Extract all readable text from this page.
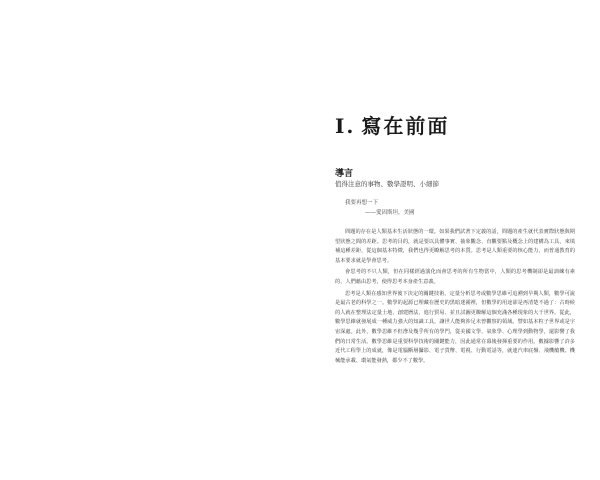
I. 寫在前面
導言
值得注意的事物、數學證明、小細節
我要再想一下
——愛因斯坦，美國

問題的存在是人類基本生活狀態的一環。如果我們試著下定義的話，問題的產生就代表實際狀態與期望狀態之間的差距。思考的目的，就是要以具體事實、抽象觀念、直觀要點及概念上的建構為工具，來填補這種差距，從這個基本特徵，我們也得更瞭解思考的本質。思考是人類重要的核心能力，而普通教育的基本要求就是學會思考。

會思考的不只人類，但在同樣經過演化而會思考的所有生物當中，人類的思考機制卻是最訓練有素的，人們藉由思考，使得思考本身產生意義。

思考是人類在感知世界後下決定的關鍵技術。定量分析思考或數學思維可追溯到早期人類，數學可說是最古老的科學之一。數學的起源已埋藏在歷史的黑暗迷霧裡，但數學的用途卻是再清楚不過了：古時候的人就在整理法定量土地、創建曆法、進行貿易、並且試圖更瞭解這個充滿各種現象的大千世界。從此，數學思維就發展成一種威力強大的知識工具，讓世人能夠涉足未曾觀察的領域。譬如基本粒子世界或是宇宙深處。此外，數學思維不但滲及幾乎所有的學門，從美國文學、氣象學、心理學到動物學，還影響了我們的日常生活。數學思維是重要科學技術的關鍵能力，因此通常在幕後發揮重要的作用。數據影響了許多近代工程學上的成就，像是電腦斷層攝影、電子貨幣、電視、行動電話等，就連汽車底盤、飛機艙機、機械能承載、環氣能發熱，都少不了數學。
